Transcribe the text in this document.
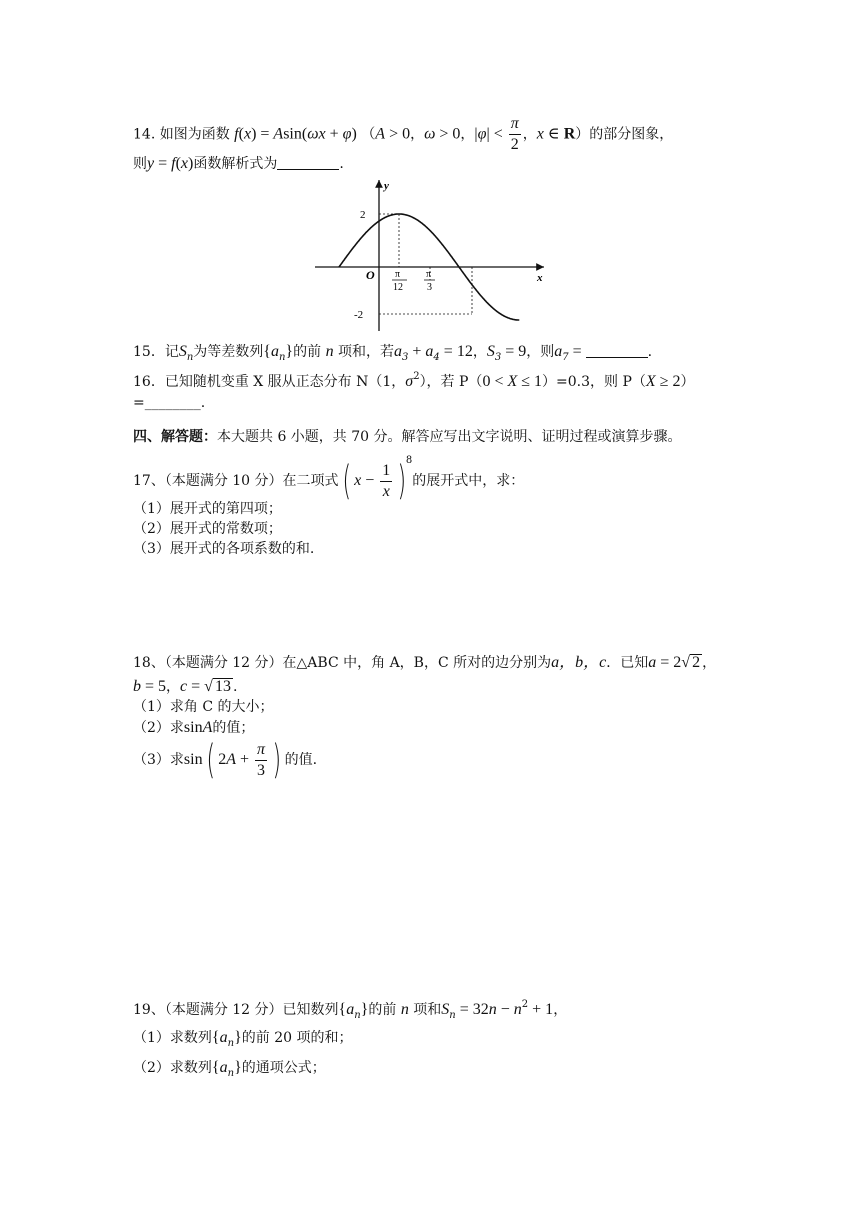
14. 如图为函数 f(x) = Asin(ωx + φ) （A > 0，ω > 0，$|\varphi| < \frac{\pi}{2}$ ，x ∈ R）的部分图象，
则y = f(x)函数解析式为	.
y
x
O
2
-2
π
12
π
3
15．记$S_n$为等差数列$\{a_n\}$的前 n 项和，若$a_3 + a_4 = 12$，$S_3 = 9$，则$a_7$ =	.
16．已知随机变重 X 服从正态分布 N（1，$\sigma^2$），若 P（0 < X ≤ 1）=0.3，则 P（X ≥ 2）
=________.
四、解答题：本大题共 6 小题，共 70 分。解答应写出文字说明、证明过程或演算步骤。
17、（本题满分 10 分）在二项式( $x - \frac{1}{x} )^8$的展开式中，求：
（1）展开式的第四项；
（2）展开式的常数项；
（3）展开式的各项系数的和.
18、（本题满分 12 分）在△ABC 中，角 A，B，C 所对的边分别为a，b，c．已知a = 2√ 2 ，
b = 5，c = √ 13 .
（1）求角 C 的大小；
（2）求sinA的值；
（3）求sin( $2A + \frac{\pi}{3}$ ) 的值.
19、（本题满分 12 分）已知数列$\{a_n\}$的前 n 项和$S_n = 32n - n^2 + 1$，
（1）求数列$\{a_n\}$的前 20 项的和；
（2）求数列$\{a_n\}$的通项公式；
